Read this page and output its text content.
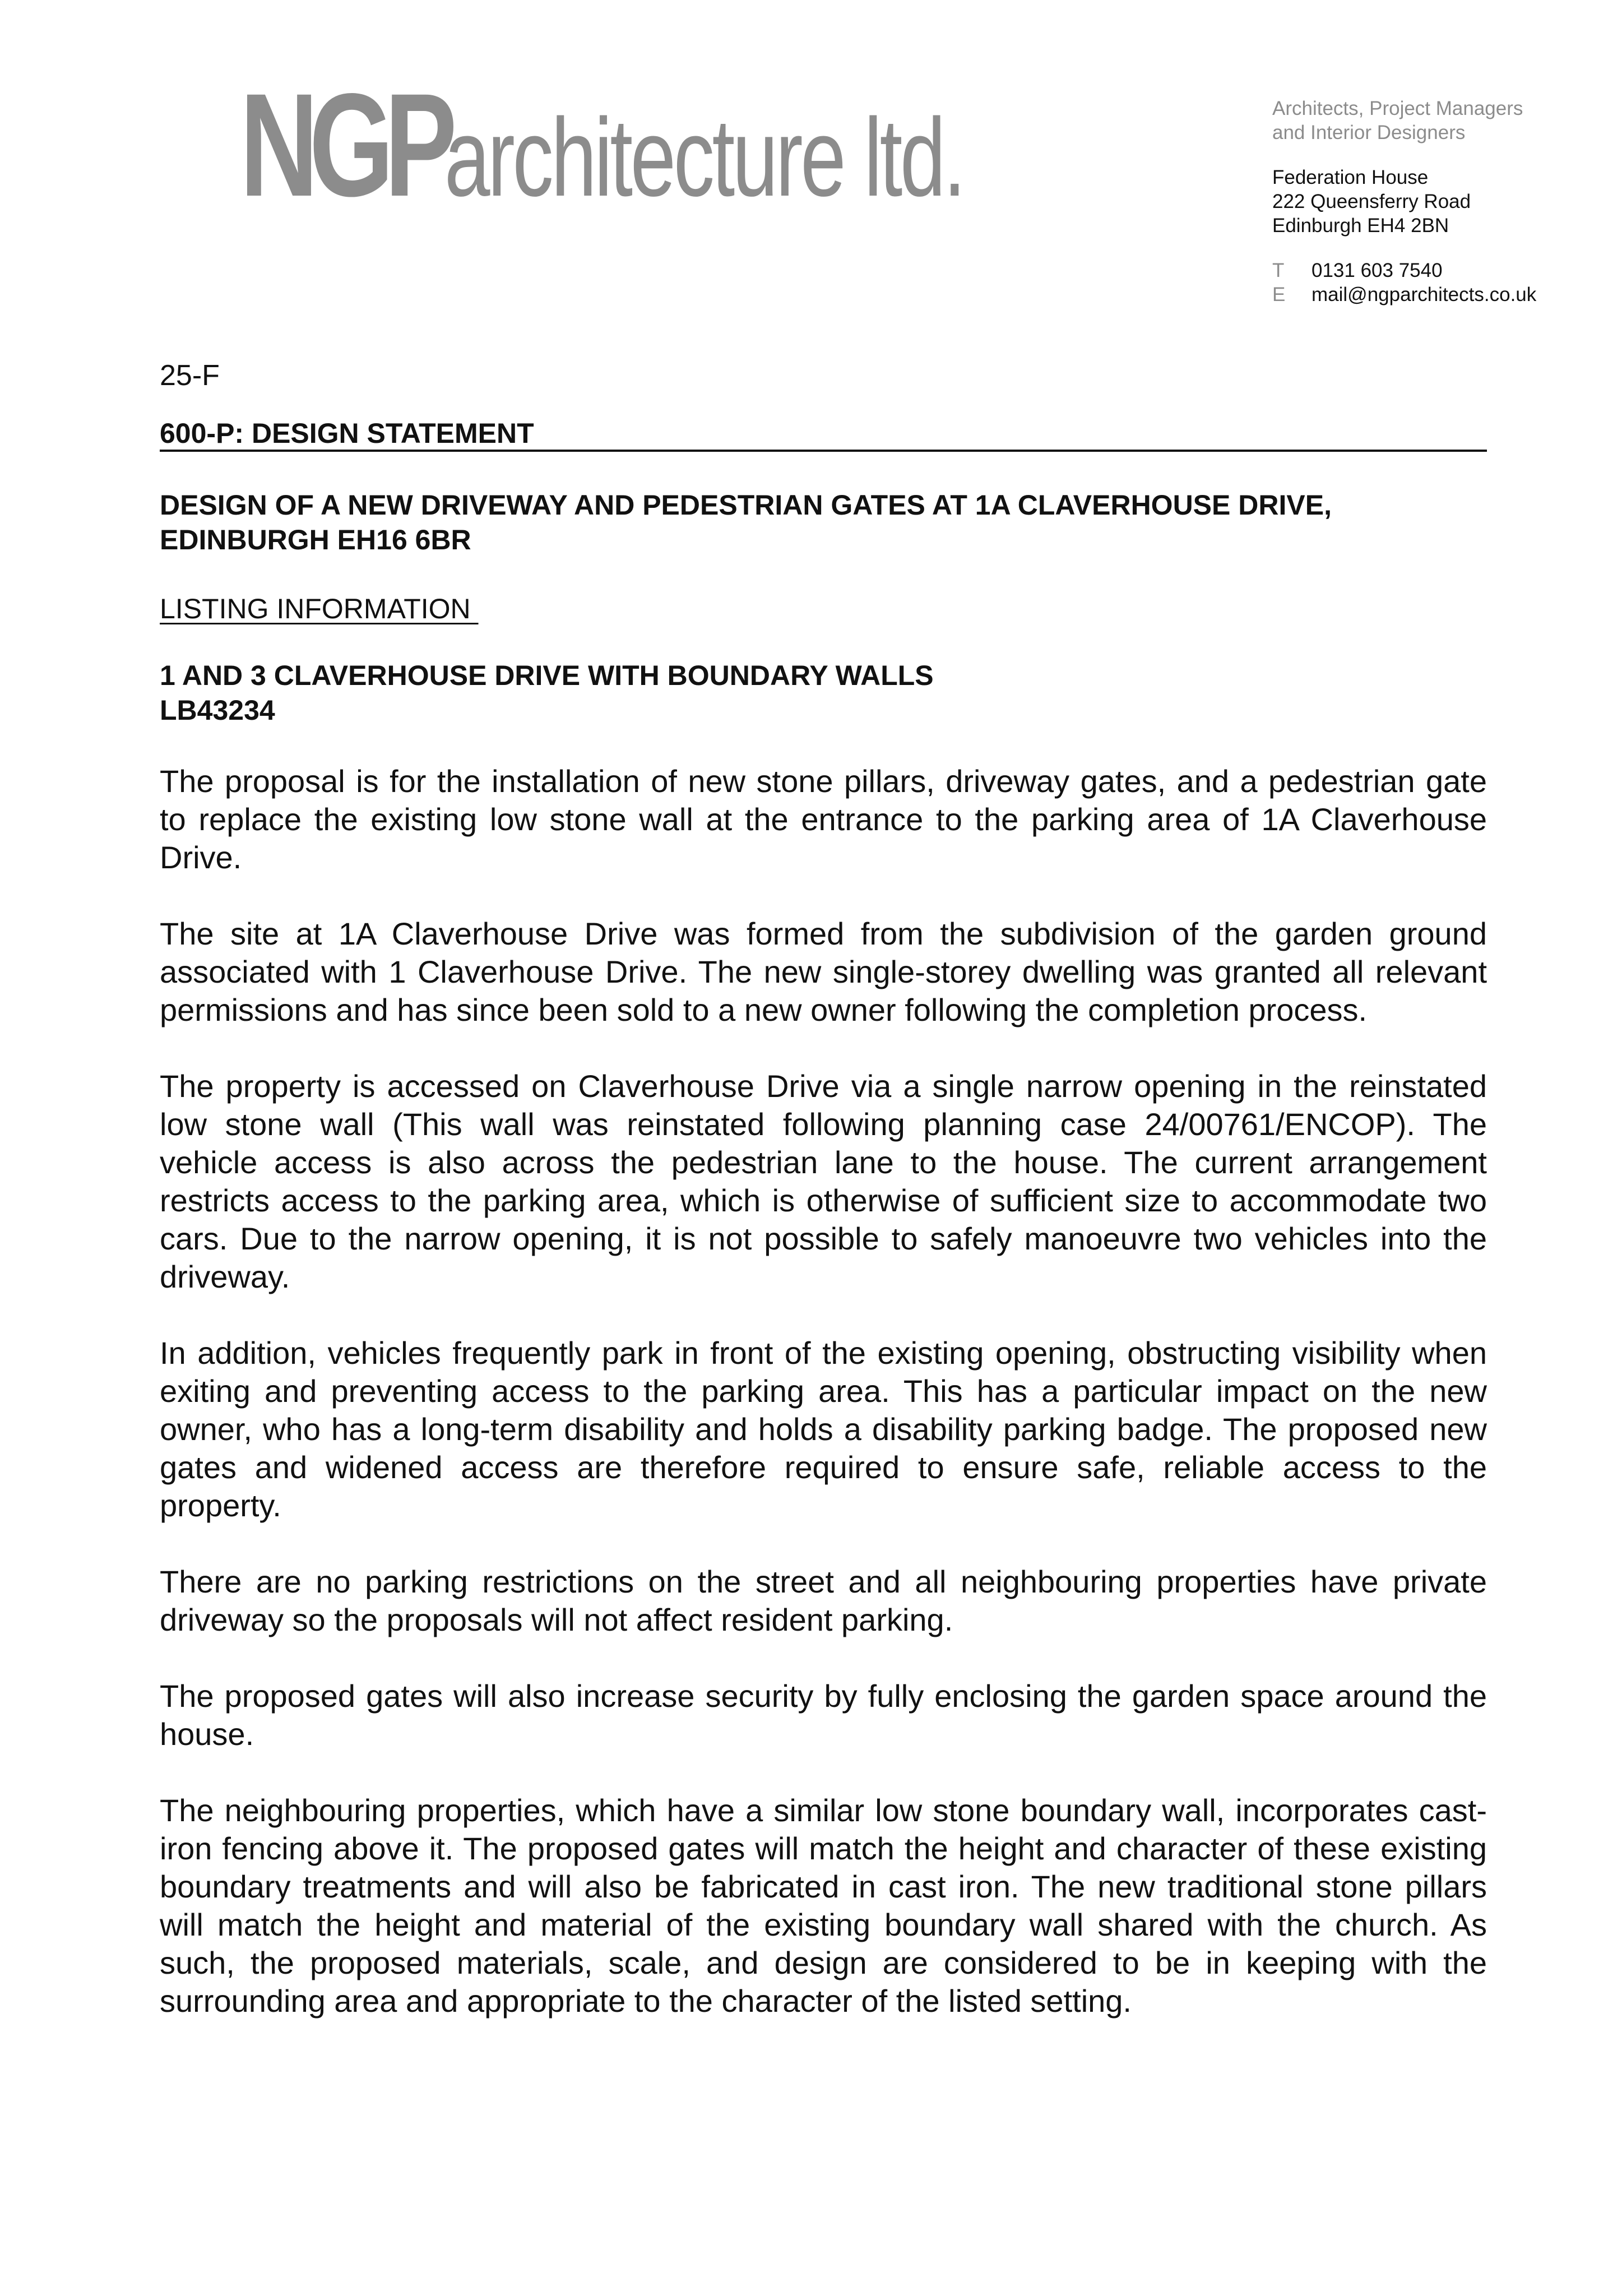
NGParchitecture ltd.	Architects, Project Managers
and Interior Designers
Federation House
222 Queensferry Road
Edinburgh EH4 2BN
T	0131 603 7540
E	mail@ngparchitects.co.uk

25-F

600-P: DESIGN STATEMENT
DESIGN OF A NEW DRIVEWAY AND PEDESTRIAN GATES AT 1A CLAVERHOUSE DRIVE, EDINBURGH EH16 6BR
LISTING INFORMATION
1 AND 3 CLAVERHOUSE DRIVE WITH BOUNDARY WALLS
LB43234

The proposal is for the installation of new stone pillars, driveway gates, and a pedestrian gate to replace the existing low stone wall at the entrance to the parking area of 1A Claverhouse Drive.

The site at 1A Claverhouse Drive was formed from the subdivision of the garden ground associated with 1 Claverhouse Drive. The new single-storey dwelling was granted all relevant permissions and has since been sold to a new owner following the completion process.

The property is accessed on Claverhouse Drive via a single narrow opening in the reinstated low stone wall (This wall was reinstated following planning case 24/00761/ENCOP). The vehicle access is also across the pedestrian lane to the house. The current arrangement restricts access to the parking area, which is otherwise of sufficient size to accommodate two cars. Due to the narrow opening, it is not possible to safely manoeuvre two vehicles into the driveway.

In addition, vehicles frequently park in front of the existing opening, obstructing visibility when exiting and preventing access to the parking area. This has a particular impact on the new owner, who has a long-term disability and holds a disability parking badge. The proposed new gates and widened access are therefore required to ensure safe, reliable access to the property.

There are no parking restrictions on the street and all neighbouring properties have private driveway so the proposals will not affect resident parking.

The proposed gates will also increase security by fully enclosing the garden space around the house.

The neighbouring properties, which have a similar low stone boundary wall, incorporates cast-iron fencing above it. The proposed gates will match the height and character of these existing boundary treatments and will also be fabricated in cast iron. The new traditional stone pillars will match the height and material of the existing boundary wall shared with the church. As such, the proposed materials, scale, and design are considered to be in keeping with the surrounding area and appropriate to the character of the listed setting.
